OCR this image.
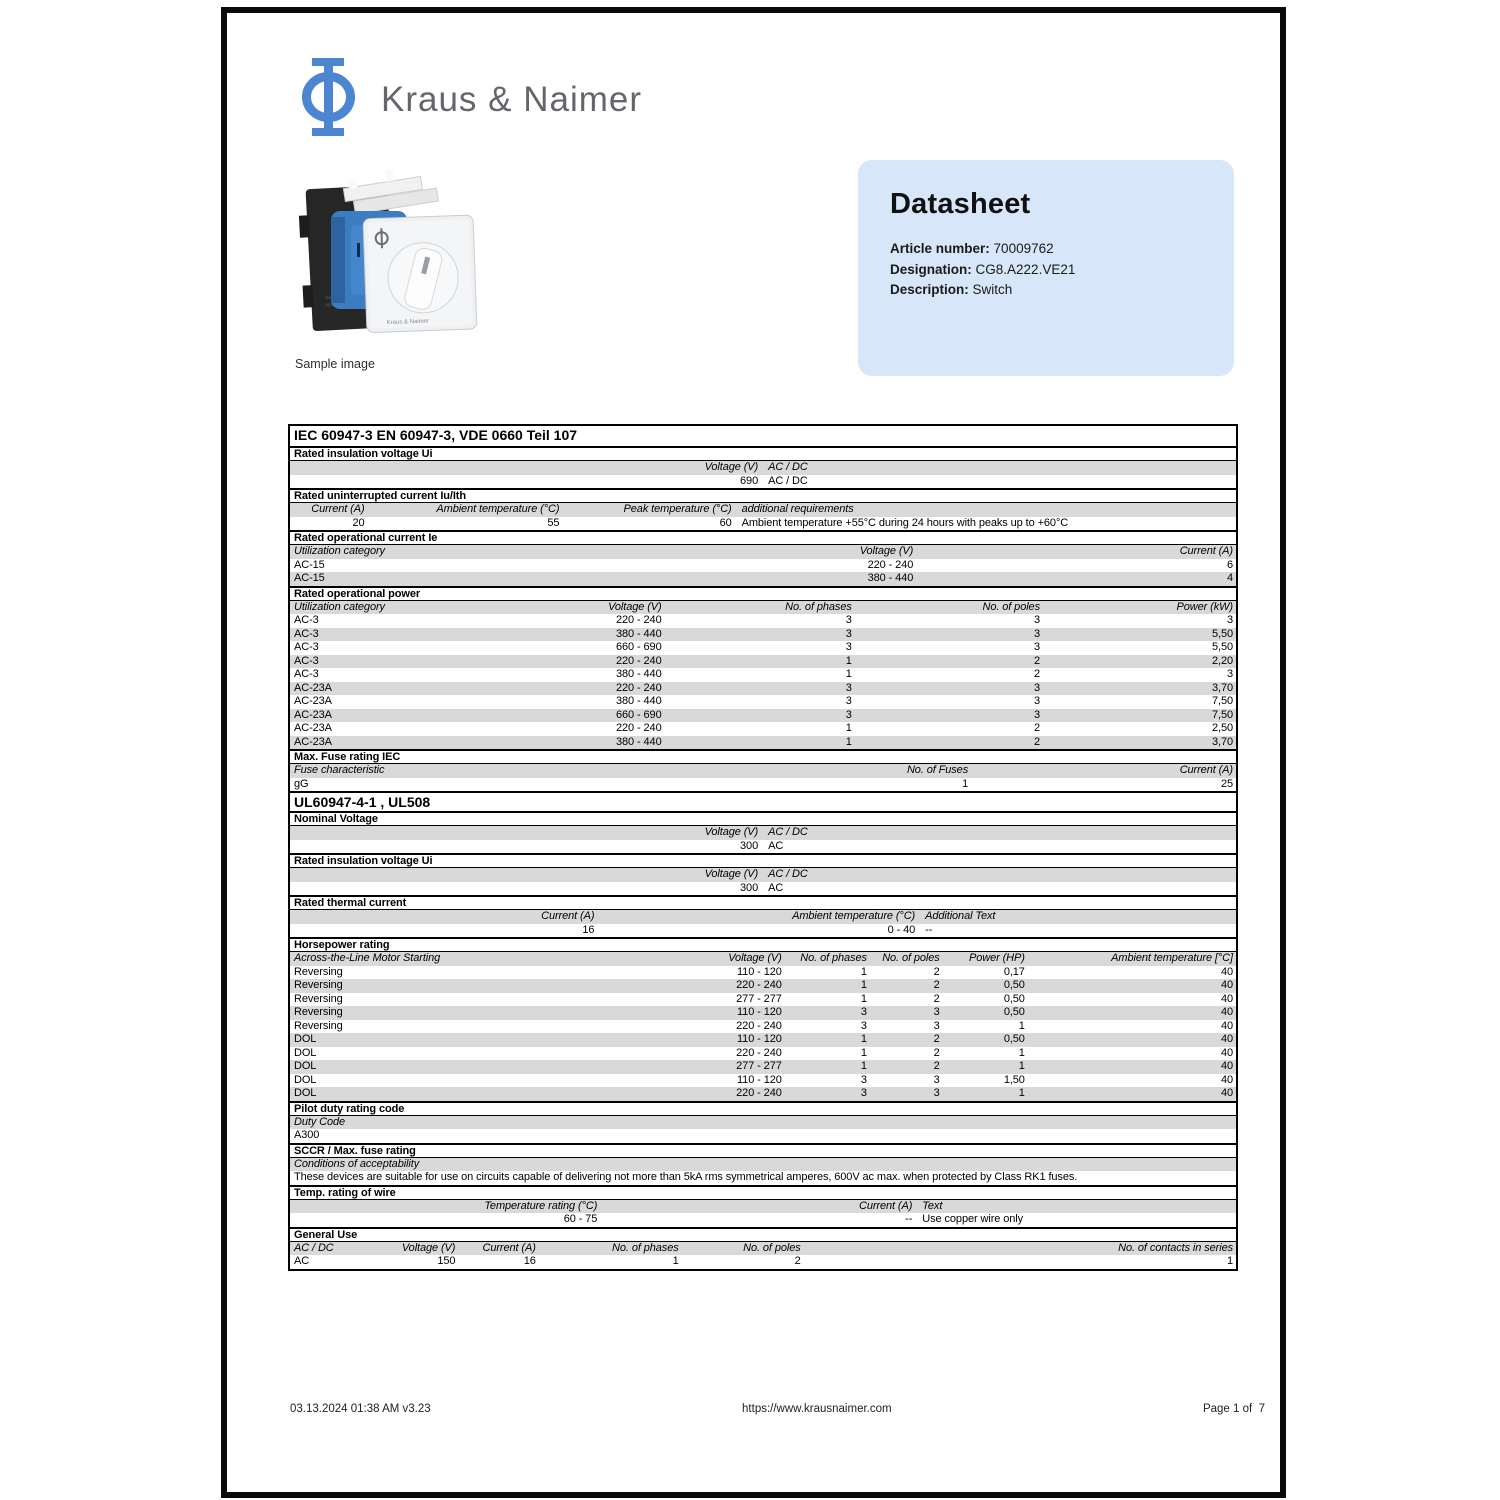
Kraus & Naimer
Kraus & Naimer
Sample image
Datasheet
Article number: 70009762
Designation: CG8.A222.VE21
Description: Switch
IEC 60947-3 EN 60947-3, VDE 0660 Teil 107
Rated insulation voltage Ui
Voltage (V) AC / DC
690 AC / DC
Rated uninterrupted current Iu/Ith
Current (A)	Ambient temperature (°C)	Peak temperature (°C) additional requirements
20	55	60 Ambient temperature +55°C during 24 hours with peaks up to +60°C
Rated operational current Ie
Utilization category	Voltage (V)	Current (A)
AC-15	220 - 240	6
AC-15	380 - 440	4
Rated operational power
Utilization category	Voltage (V)	No. of phases	No. of poles	Power (kW)
AC-3	220 - 240	3	3	3
AC-3	380 - 440	3	3	5,50
AC-3	660 - 690	3	3	5,50
AC-3	220 - 240	1	2	2,20
AC-3	380 - 440	1	2	3
AC-23A	220 - 240	3	3	3,70
AC-23A	380 - 440	3	3	7,50
AC-23A	660 - 690	3	3	7,50
AC-23A	220 - 240	1	2	2,50
AC-23A	380 - 440	1	2	3,70
Max. Fuse rating IEC
Fuse characteristic	No. of Fuses	Current (A)
gG	1	25
UL60947-4-1 , UL508
Nominal Voltage
Voltage (V) AC / DC
300 AC
Rated insulation voltage Ui
Voltage (V) AC / DC
300 AC
Rated thermal current
Current (A)	Ambient temperature (°C) Additional Text
16	0 - 40 --
Horsepower rating
Across-the-Line Motor Starting	Voltage (V)	No. of phases	No. of poles	Power (HP)	Ambient temperature [°C]
Reversing	110 - 120	1	2	0,17	40
Reversing	220 - 240	1	2	0,50	40
Reversing	277 - 277	1	2	0,50	40
Reversing	110 - 120	3	3	0,50	40
Reversing	220 - 240	3	3	1	40
DOL	110 - 120	1	2	0,50	40
DOL	220 - 240	1	2	1	40
DOL	277 - 277	1	2	1	40
DOL	110 - 120	3	3	1,50	40
DOL	220 - 240	3	3	1	40
Pilot duty rating code
Duty Code
A300
SCCR / Max. fuse rating
Conditions of acceptability
These devices are suitable for use on circuits capable of delivering not more than 5kA rms symmetrical amperes, 600V ac max. when protected by Class RK1 fuses.
Temp. rating of wire
Temperature rating (°C)	Current (A) Text
60 - 75	-- Use copper wire only
General Use
AC / DC	Voltage (V)	Current (A)	No. of phases	No. of poles	No. of contacts in series
AC	150	16	1	2	1
03.13.2024 01:38 AM v3.23	https://www.krausnaimer.com	Page 1 of  7
